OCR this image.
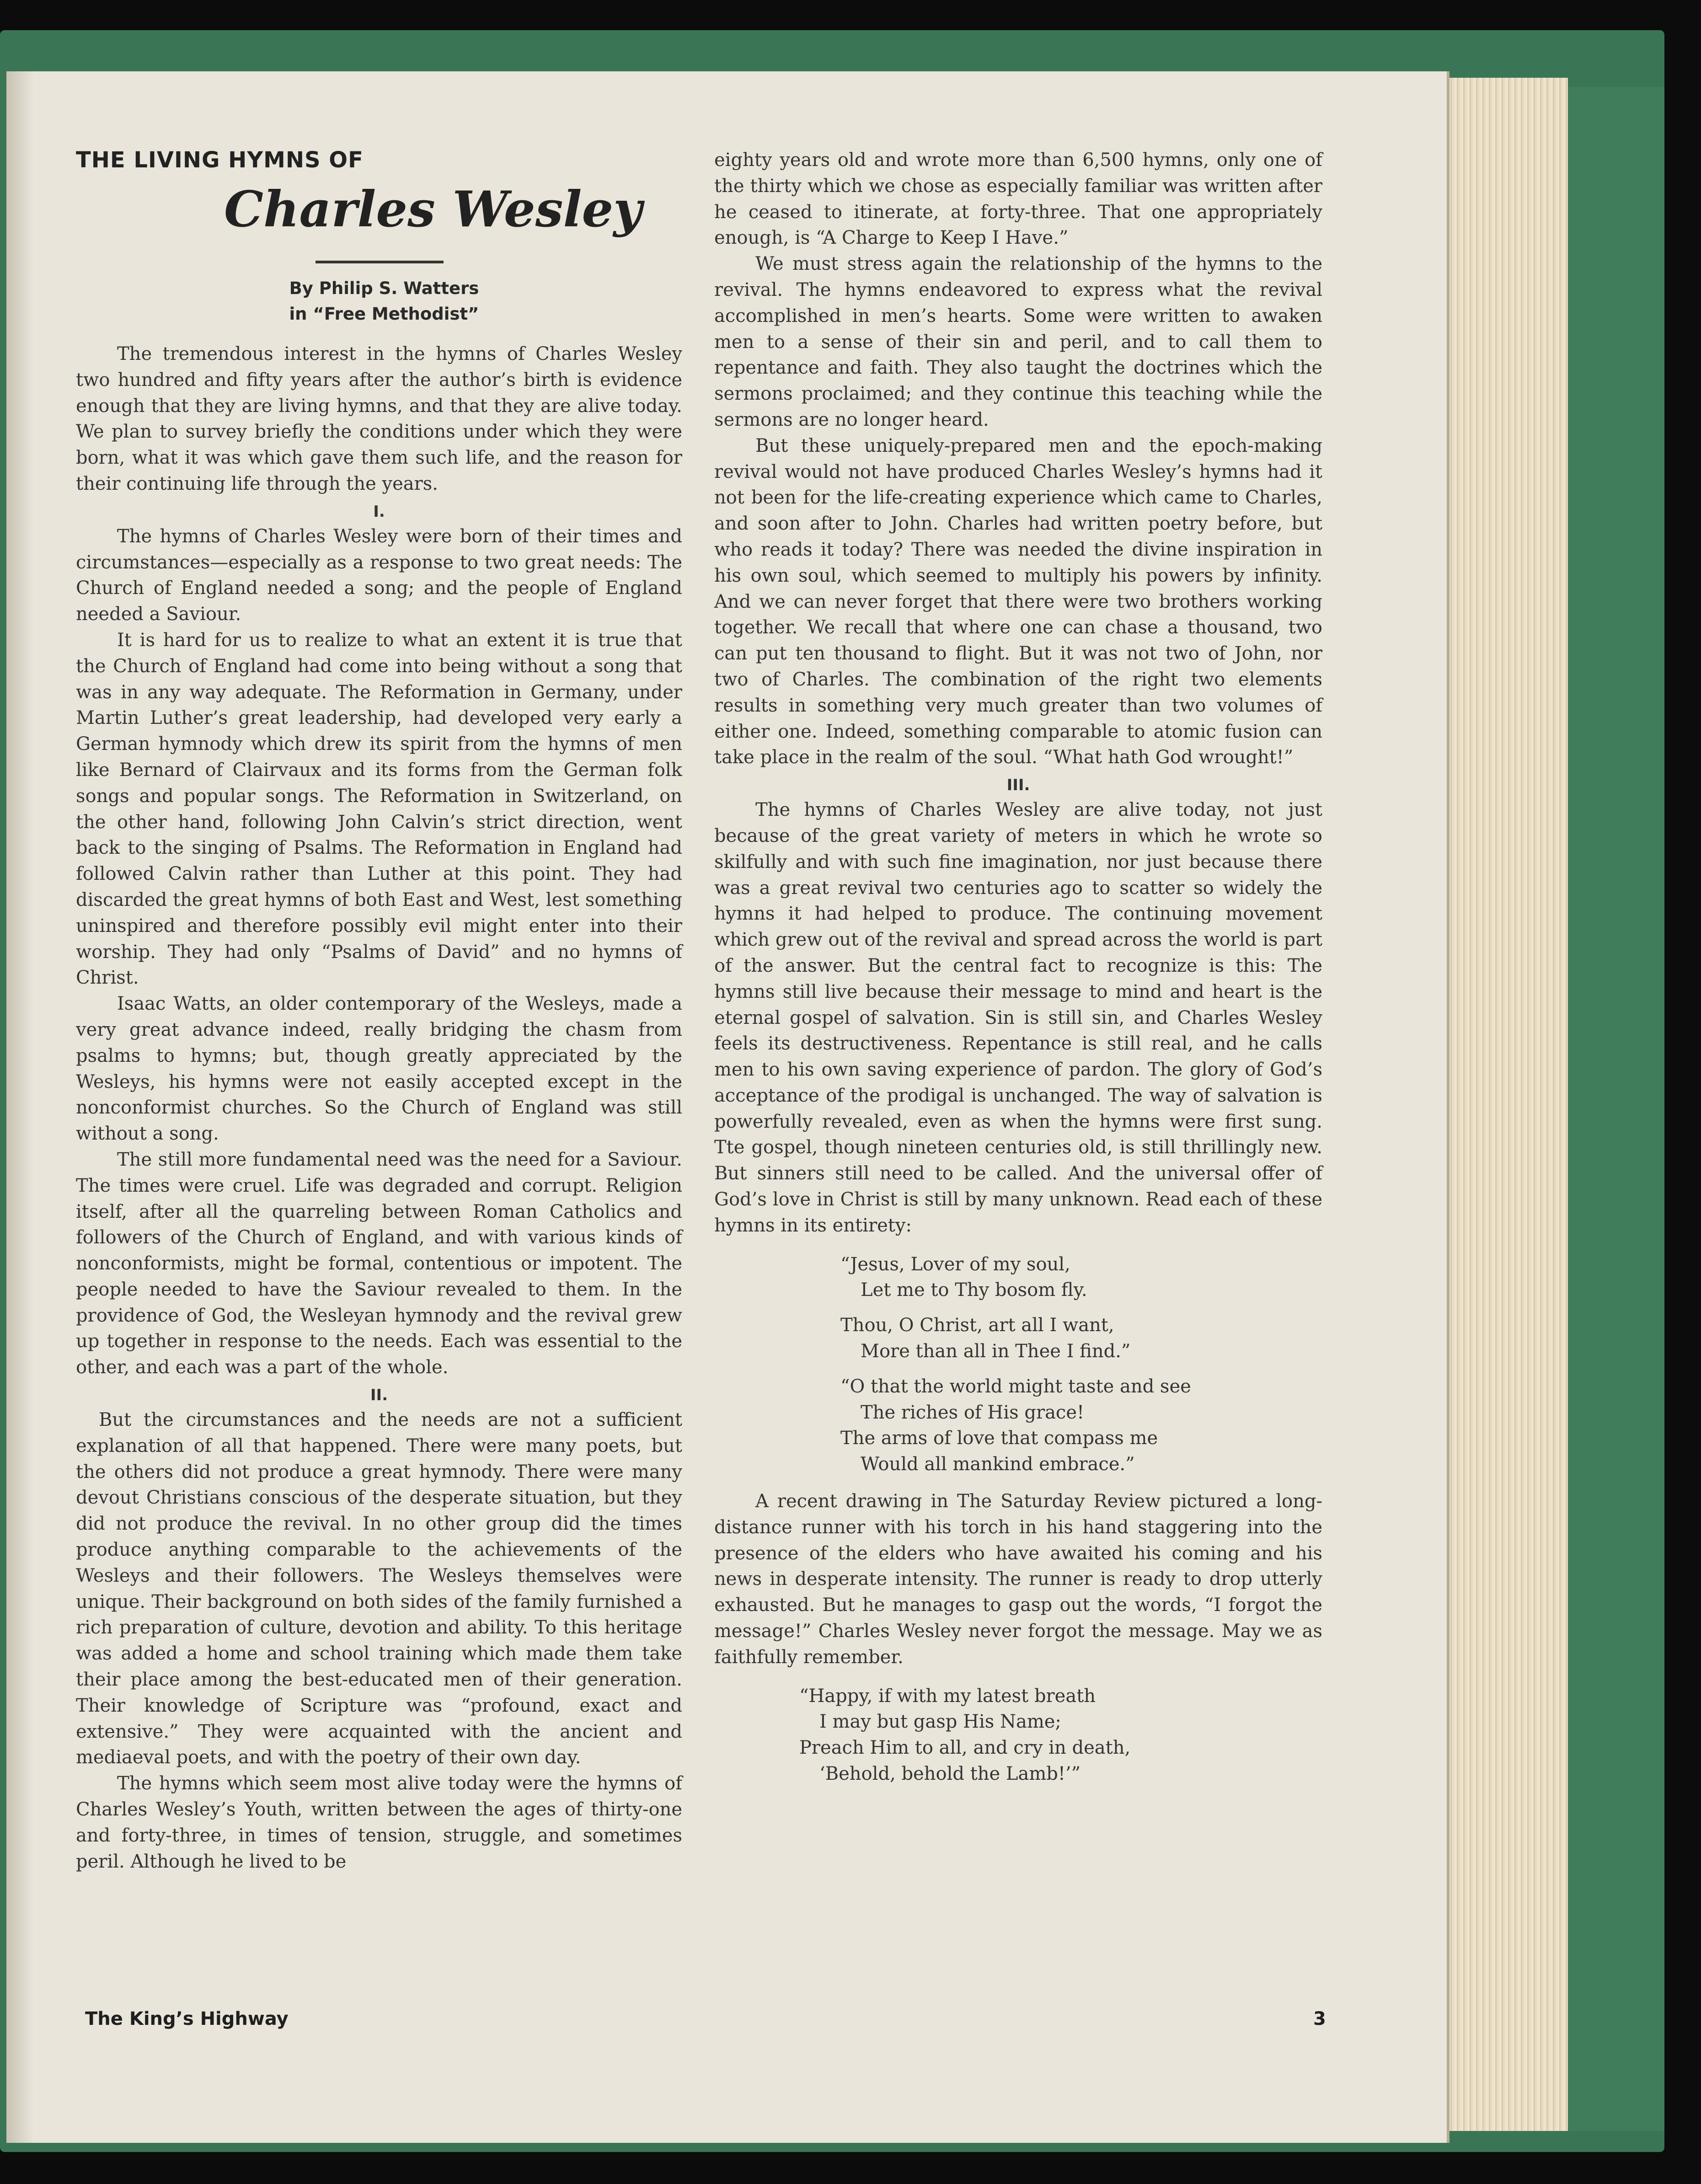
THE LIVING HYMNS OF
Charles Wesley
By Philip S. Watters
in “Free Methodist”

The tremendous interest in the hymns of Charles Wesley two hundred and fifty years after the author’s birth is evidence enough that they are living hymns, and that they are alive today. We plan to survey briefly the conditions under which they were born, what it was which gave them such life, and the reason for their continuing life through the years.

I.

The hymns of Charles Wesley were born of their times and circumstances—especially as a response to two great needs: The Church of England needed a song; and the people of England needed a Saviour.

It is hard for us to realize to what an extent it is true that the Church of England had come into being without a song that was in any way adequate. The Reformation in Germany, under Martin Luther’s great leadership, had developed very early a German hymnody which drew its spirit from the hymns of men like Bernard of Clairvaux and its forms from the German folk songs and popular songs. The Reformation in Switzerland, on the other hand, following John Calvin’s strict direction, went back to the singing of Psalms. The Reformation in England had followed Calvin rather than Luther at this point. They had discarded the great hymns of both East and West, lest something uninspired and therefore possibly evil might enter into their worship. They had only “Psalms of David” and no hymns of Christ.

Isaac Watts, an older contemporary of the Wesleys, made a very great advance indeed, really bridging the chasm from psalms to hymns; but, though greatly appreciated by the Wesleys, his hymns were not easily accepted except in the nonconformist churches. So the Church of England was still without a song.

The still more fundamental need was the need for a Saviour. The times were cruel. Life was degraded and corrupt. Religion itself, after all the quarreling between Roman Catholics and followers of the Church of England, and with various kinds of nonconformists, might be formal, contentious or impotent. The people needed to have the Saviour revealed to them. In the providence of God, the Wesleyan hymnody and the revival grew up together in response to the needs. Each was essential to the other, and each was a part of the whole.

II.

But the circumstances and the needs are not a sufficient explanation of all that happened. There were many poets, but the others did not produce a great hymnody. There were many devout Christians conscious of the desperate situation, but they did not produce the revival. In no other group did the times produce anything comparable to the achievements of the Wesleys and their followers. The Wesleys themselves were unique. Their background on both sides of the family furnished a rich preparation of culture, devotion and ability. To this heritage was added a home and school training which made them take their place among the best-educated men of their generation. Their knowledge of Scripture was “profound, exact and extensive.” They were acquainted with the ancient and mediaeval poets, and with the poetry of their own day.

The hymns which seem most alive today were the hymns of Charles Wesley’s Youth, written between the ages of thirty-one and forty-three, in times of tension, struggle, and sometimes peril. Although he lived to be

eighty years old and wrote more than 6,500 hymns, only one of the thirty which we chose as especially familiar was written after he ceased to itinerate, at forty-three. That one appropriately enough, is “A Charge to Keep I Have.”

We must stress again the relationship of the hymns to the revival. The hymns endeavored to express what the revival accomplished in men’s hearts. Some were written to awaken men to a sense of their sin and peril, and to call them to repentance and faith. They also taught the doctrines which the sermons proclaimed; and they continue this teaching while the sermons are no longer heard.

But these uniquely-prepared men and the epoch-making revival would not have produced Charles Wesley’s hymns had it not been for the life-creating experience which came to Charles, and soon after to John. Charles had written poetry before, but who reads it today? There was needed the divine inspiration in his own soul, which seemed to multiply his powers by infinity. And we can never forget that there were two brothers working together. We recall that where one can chase a thousand, two can put ten thousand to flight. But it was not two of John, nor two of Charles. The combination of the right two elements results in something very much greater than two volumes of either one. Indeed, something comparable to atomic fusion can take place in the realm of the soul. “What hath God wrought!”

III.

The hymns of Charles Wesley are alive today, not just because of the great variety of meters in which he wrote so skilfully and with such fine imagination, nor just because there was a great revival two centuries ago to scatter so widely the hymns it had helped to produce. The continuing movement which grew out of the revival and spread across the world is part of the answer. But the central fact to recognize is this: The hymns still live because their message to mind and heart is the eternal gospel of salvation. Sin is still sin, and Charles Wesley feels its destructiveness. Repentance is still real, and he calls men to his own saving experience of pardon. The glory of God’s acceptance of the prodigal is unchanged. The way of salvation is powerfully revealed, even as when the hymns were first sung. Tte gospel, though nineteen centuries old, is still thrillingly new. But sinners still need to be called. And the universal offer of God’s love in Christ is still by many unknown. Read each of these hymns in its entirety:

“Jesus, Lover of my soul,
Let me to Thy bosom fly.
Thou, O Christ, art all I want,
More than all in Thee I find.”
“O that the world might taste and see
The riches of His grace!
The arms of love that compass me
Would all mankind embrace.”

A recent drawing in The Saturday Review pictured a long-distance runner with his torch in his hand staggering into the presence of the elders who have awaited his coming and his news in desperate intensity. The runner is ready to drop utterly exhausted. But he manages to gasp out the words, “I forgot the message!” Charles Wesley never forgot the message. May we as faithfully remember.

“Happy, if with my latest breath
I may but gasp His Name;
Preach Him to all, and cry in death,
‘Behold, behold the Lamb!’”
The King’s Highway	3
